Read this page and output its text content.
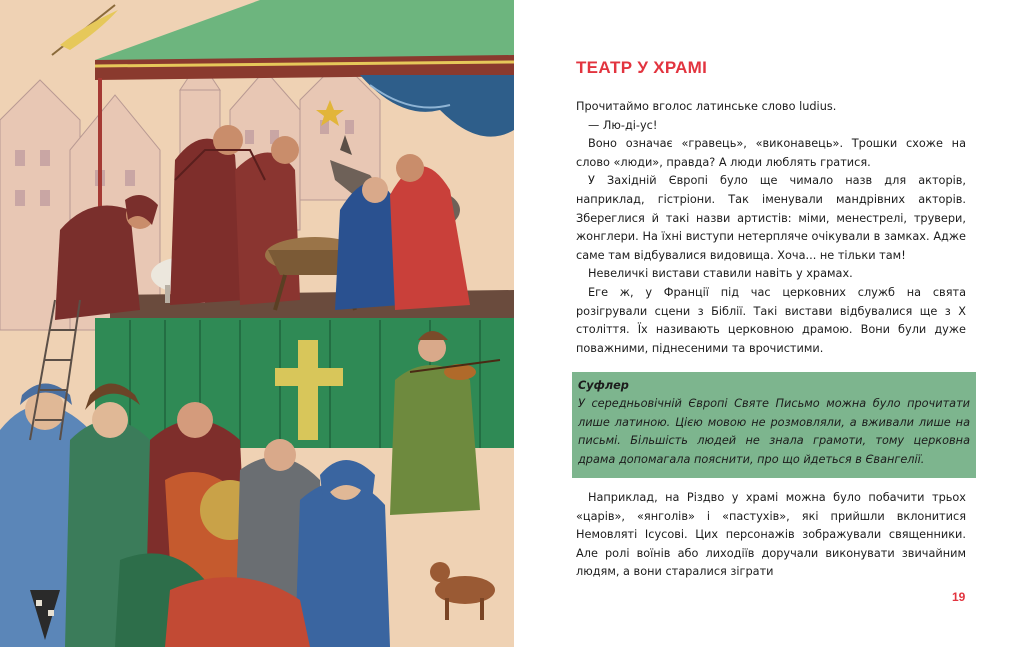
ТЕАТР У ХРАМІ

Прочитаймо вголос латинське слово ludius.

— Лю-ді-ус!

Воно означає «гравець», «виконавець». Трошки схоже на слово «люди», правда? А люди люблять гратися.

У Західній Європі було ще чимало назв для акторів, наприклад, гістріони. Так іменували мандрівних акторів. Збереглися й такі назви артистів: міми, менестрелі, трувери, жонглери. На їхні виступи нетерпляче очікували в замках. Адже саме там відбувалися видовища. Хоча... не тільки там!

Невеличкі вистави ставили навіть у храмах.

Еге ж, у Франції під час церковних служб на свята розігрували сцени з Біблії. Такі вистави відбувалися ще з Х століття. Їх називають церковною драмою. Вони були дуже поважними, піднесеними та врочистими.

Суфлер
У середньовічній Європі Святе Письмо можна було прочитати лише латиною. Цією мовою не розмовляли, а вживали лише на письмі. Більшість людей не знала грамоти, тому церковна драма допомагала пояснити, про що йдеться в Євангелії.

Наприклад, на Різдво у храмі можна було побачити трьох «царів», «янголів» і «пастухів», які прийшли вклонитися Немовляті Ісусові. Цих персонажів зображували священники. Але ролі воїнів або лиходіїв доручали виконувати звичайним людям, а вони старалися зіграти

19
